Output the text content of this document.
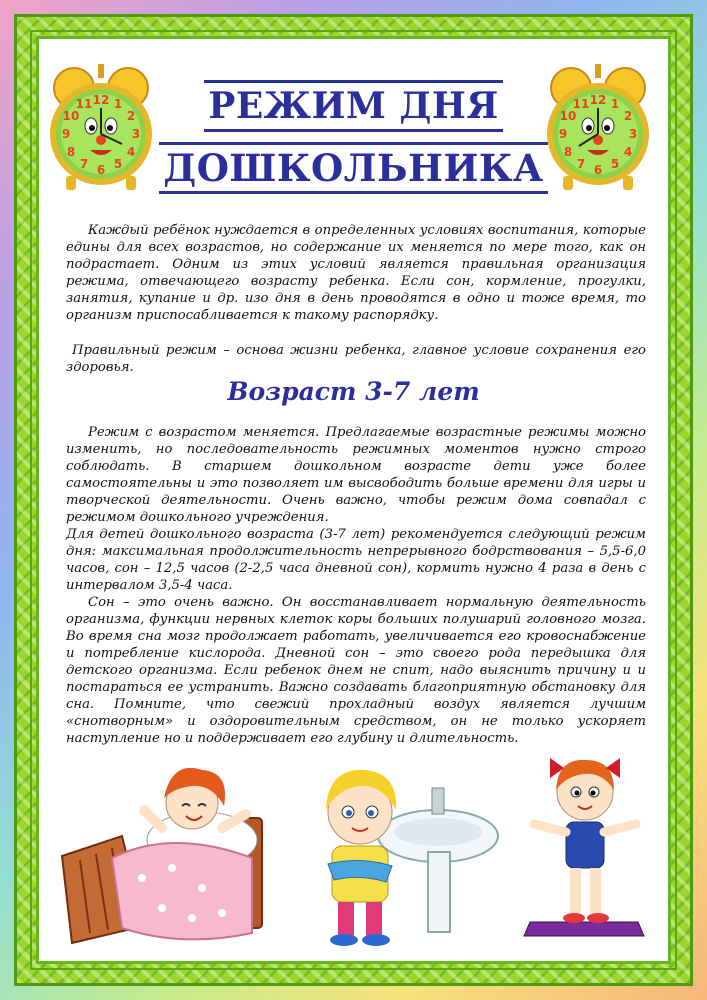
12 1
2
3
4
5
6
7
8
9
10
11	12 1
2
3
4
5
6
7
8
9
10
11
РЕЖИМ ДНЯ
ДОШКОЛЬНИКА

Каждый ребёнок нуждается в определенных условиях воспитания, которые едины для всех возрастов, но содержание их меняется по мере того, как он подрастает. Одним из этих условий является правильная организация режима, отвечающего возрасту ребенка. Если сон, кормление, прогулки, занятия, купание и др. изо дня в день проводятся в одно и тоже время, то организм приспосабливается к такому распорядку.

Правильный режим – основа жизни ребенка, главное условие сохранения его здоровья.

Возраст 3-7 лет

Режим с возрастом меняется. Предлагаемые возрастные режимы можно изменить, но последовательность режимных моментов нужно строго соблюдать. В старшем дошкольном возрасте дети уже более самостоятельны и это позволяет им высвободить больше времени для игры и творческой деятельности. Очень важно, чтобы режим дома совпадал с режимом дошкольного учреждения.

Для детей дошкольного возраста (3-7 лет) рекомендуется следующий режим дня: максимальная продолжительность непрерывного бодрствования – 5,5-6,0 часов, сон – 12,5 часов (2-2,5 часа дневной сон), кормить нужно 4 раза в день с интервалом 3,5-4 часа.

Сон – это очень важно. Он восстанавливает нормальную деятельность организма, функции нервных клеток коры больших полушарий головного мозга. Во время сна мозг продолжает работать, увеличивается его кровоснабжение и потребление кислорода. Дневной сон – это своего рода передышка для детского организма. Если ребенок днем не спит, надо выяснить причину и и постараться ее устранить. Важно создавать благоприятную обстановку для сна. Помните, что свежий прохладный воздух является лучшим «снотворным» и оздоровительным средством, он не только ускоряет наступление но и поддерживает его глубину и длительность.
